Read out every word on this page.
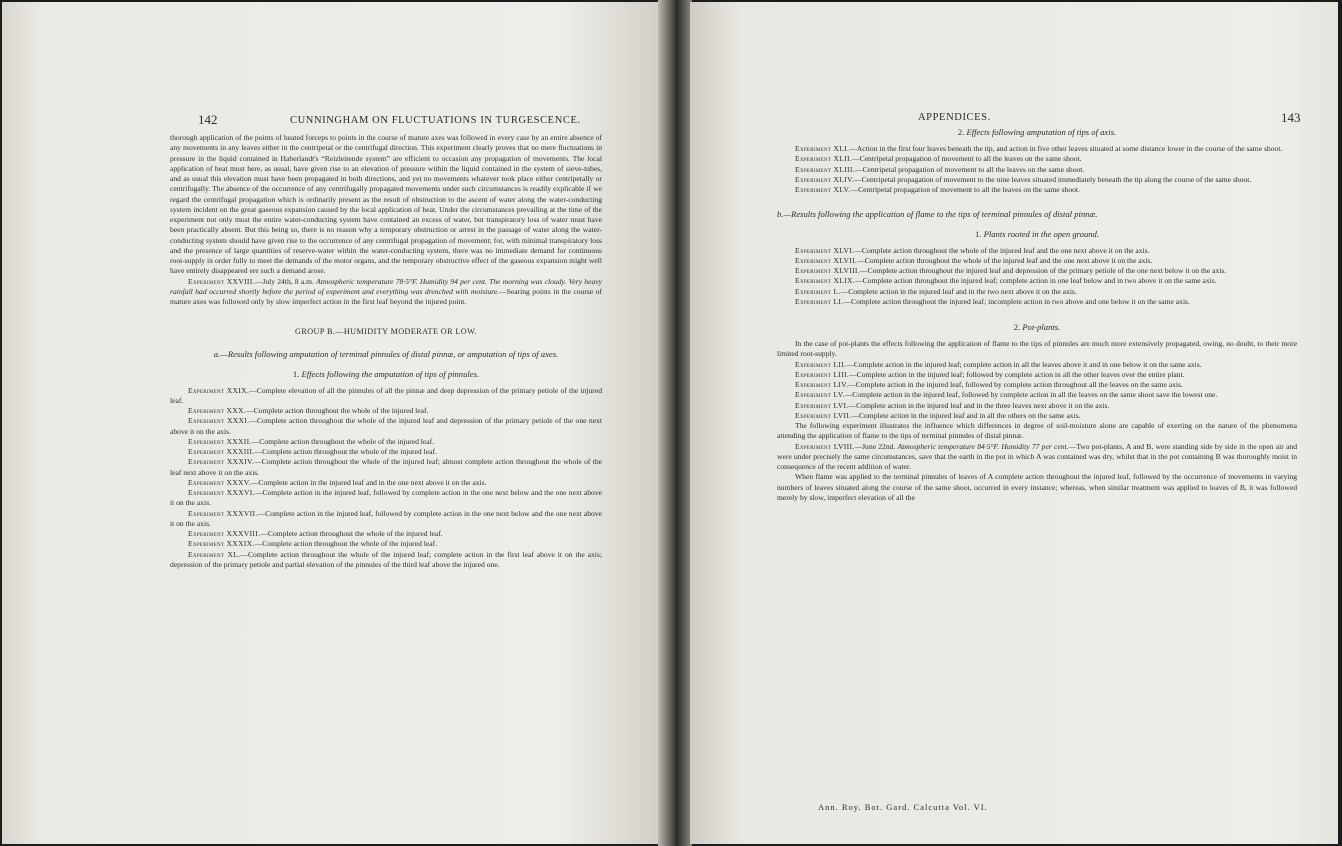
142	CUNNINGHAM ON FLUCTUATIONS IN TURGESCENCE.

thorough application of the points of heated forceps to points in the course of mature axes was followed in every case by an entire absence of any movements in any leaves either in the centripetal or the centrifugal direction. This experiment clearly proves that no mere fluctuations in pressure in the liquid contained in Haberlandt's “Reizleitende system” are efficient to occasion any propagation of movements. The local application of heat must here, as usual, have given rise to an elevation of pressure within the liquid contained in the system of sieve-tubes, and as usual this elevation must have been propagated in both directions, and yet no movements whatever took place either centripetally or centrifugally. The absence of the occurrence of any centrifugally propagated movements under such circumstances is readily explicable if we regard the centrifugal propagation which is ordinarily present as the result of obstruction to the ascent of water along the water-conducting system incident on the great gaseous expansion caused by the local application of heat. Under the circumstances prevailing at the time of the experiment not only must the entire water-conducting system have contained an excess of water, but transpiratory loss of water must have been practically absent. But this being so, there is no reason why a temporary obstruction or arrest in the passage of water along the water-conducting system should have given rise to the occurrence of any centrifugal propagation of movement; for, with minimal transpiratory loss and the presence of large quantities of reserve-water within the water-conducting system, there was no immediate demand for continuous root-supply in order fully to meet the demands of the motor organs, and the temporary obstructive effect of the gaseous expansion might well have entirely disappeared ere such a demand arose.

Experiment XXVIII.—July 24th, 8 a.m. Atmospheric temperature 78·5°F. Humidity 94 per cent. The morning was cloudy. Very heavy rainfall had occurred shortly before the period of experiment and everything was drenched with moisture.—Searing points in the course of mature axes was followed only by slow imperfect action in the first leaf beyond the injured point.

GROUP B.—HUMIDITY MODERATE OR LOW.
a.—Results following amputation of terminal pinnules of distal pinnæ, or amputation of tips of axes.
1. Effects following the amputation of tips of pinnules.

Experiment XXIX.—Complete elevation of all the pinnules of all the pinnæ and deep depression of the primary petiole of the injured leaf.

Experiment XXX.—Complete action throughout the whole of the injured leaf.

Experiment XXXI.—Complete action throughout the whole of the injured leaf and depression of the primary petiole of the one next above it on the axis.

Experiment XXXII.—Complete action throughout the whole of the injured leaf.

Experiment XXXIII.—Complete action throughout the whole of the injured leaf.

Experiment XXXIV.—Complete action throughout the whole of the injured leaf; almost complete action throughout the whole of the leaf next above it on the axis.

Experiment XXXV.—Complete action in the injured leaf and in the one next above it on the axis.

Experiment XXXVI.—Complete action in the injured leaf, followed by complete action in the one next below and the one next above it on the axis.

Experiment XXXVII.—Complete action in the injured leaf, followed by complete action in the one next below and the one next above it on the axis.

Experiment XXXVIII.—Complete action throughout the whole of the injured leaf.

Experiment XXXIX.—Complete action throughout the whole of the injured leaf.

Experiment XL.—Complete action throughout the whole of the injured leaf; complete action in the first leaf above it on the axis; depression of the primary petiole and partial elevation of the pinnules of the third leaf above the injured one.

APPENDICES.	143
2. Effects following amputation of tips of axis.

Experiment XLI.—Action in the first four leaves beneath the tip, and action in five other leaves situated at some distance lower in the course of the same shoot.

Experiment XLII.—Centripetal propagation of movement to all the leaves on the same shoot.

Experiment XLIII.—Centripetal propagation of movement to all the leaves on the same shoot.

Experiment XLIV.—Centripetal propagation of movement to the nine leaves situated immediately beneath the tip along the course of the same shoot.

Experiment XLV.—Centripetal propagation of movement to all the leaves on the same shoot.

b.—Results following the application of flame to the tips of terminal pinnules of distal pinnæ.
1. Plants rooted in the open ground.

Experiment XLVI.—Complete action throughout the whole of the injured leaf and the one next above it on the axis.

Experiment XLVII.—Complete action throughout the whole of the injured leaf and the one next above it on the axis.

Experiment XLVIII.—Complete action throughout the injured leaf and depression of the primary petiole of the one next below it on the axis.

Experiment XLIX.—Complete action throughout the injured leaf; complete action in one leaf below and in two above it on the same axis.

Experiment L.—Complete action in the injured leaf and in the two next above it on the axis.

Experiment LI.—Complete action throughout the injured leaf; incomplete action in two above and one below it on the same axis.

2. Pot-plants.

In the case of pot-plants the effects following the application of flame to the tips of pinnules are much more extensively propagated, owing, no doubt, to their more limited root-supply.

Experiment LII.—Complete action in the injured leaf; complete action in all the leaves above it and in one below it on the same axis.

Experiment LIII.—Complete action in the injured leaf; followed by complete action in all the other leaves over the entire plant.

Experiment LIV.—Complete action in the injured leaf, followed by complete action throughout all the leaves on the same axis.

Experiment LV.—Complete action in the injured leaf, followed by complete action in all the leaves on the same shoot save the lowest one.

Experiment LVI.—Complete action in the injured leaf and in the three leaves next above it on the axis.

Experiment LVII.—Complete action in the injured leaf and in all the others on the same axis.

The following experiment illustrates the influence which differences in degree of soil-moisture alone are capable of exerting on the nature of the phenomena attending the application of flame to the tips of terminal pinnules of distal pinnæ.

Experiment LVIII.—June 22nd. Atmospheric temperature 84·5°F. Humidity 77 per cent.—Two pot-plants, A and B, were standing side by side in the open air and were under precisely the same circumstances, save that the earth in the pot in which A was contained was dry, whilst that in the pot containing B was thoroughly moist in consequence of the recent addition of water.

When flame was applied to the terminal pinnules of leaves of A complete action throughout the injured leaf, followed by the occurrence of movements in varying numbers of leaves situated along the course of the same shoot, occurred in every instance; whereas, when similar treatment was applied to leaves of B, it was followed merely by slow, imperfect elevation of all the

Ann. Roy. Bot. Gard. Calcutta Vol. VI.
